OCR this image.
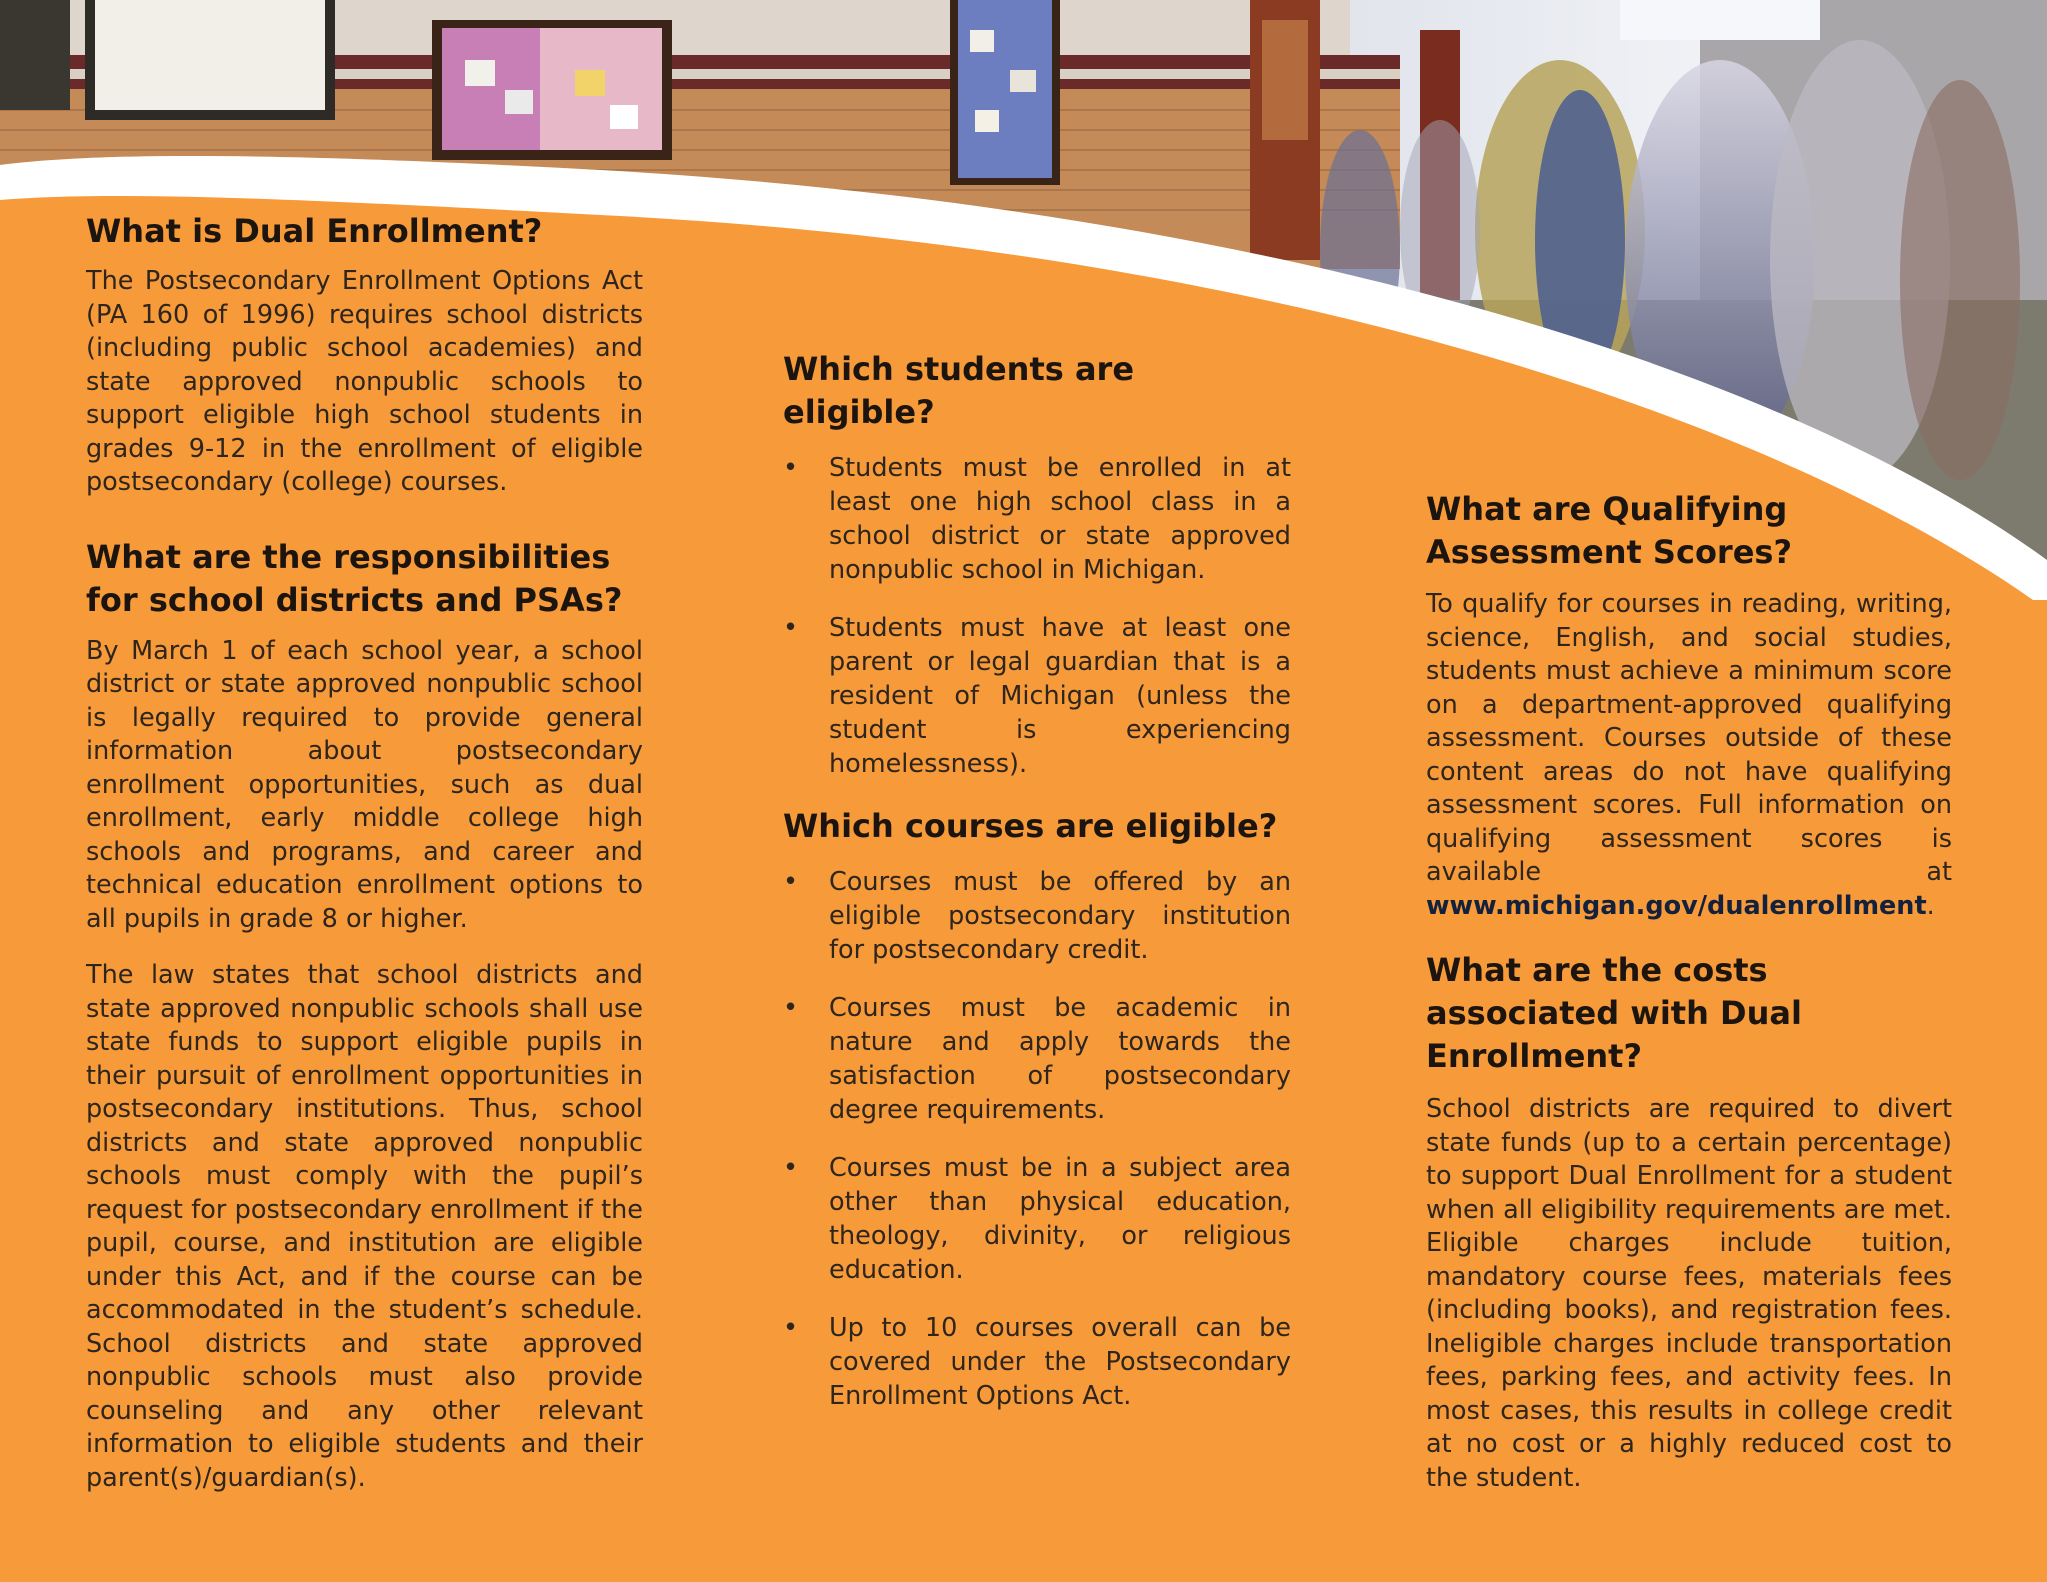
What is Dual Enrollment?

The Postsecondary Enrollment Options Act (PA 160 of 1996) requires school districts (including public school academies) and state approved nonpublic schools to support eligible high school students in grades 9-12 in the enrollment of eligible postsecondary (college) courses.

What are the responsibilities for school districts and PSAs?

By March 1 of each school year, a school district or state approved nonpublic school is legally required to provide general information about postsecondary enrollment opportunities, such as dual enrollment, early middle college high schools and programs, and career and technical education enrollment options to all pupils in grade 8 or higher.

The law states that school districts and state approved nonpublic schools shall use state funds to support eligible pupils in their pursuit of enrollment opportunities in postsecondary institutions. Thus, school districts and state approved nonpublic schools must comply with the pupil’s request for postsecondary enrollment if the pupil, course, and institution are eligible under this Act, and if the course can be accommodated in the student’s schedule. School districts and state approved nonpublic schools must also provide counseling and any other relevant information to eligible students and their parent(s)/guardian(s).

Which students are eligible?
• Students must be enrolled in at least one high school class in a school district or state approved nonpublic school in Michigan.
• Students must have at least one parent or legal guardian that is a resident of Michigan (unless the student is experiencing homelessness).
Which courses are eligible?
• Courses must be offered by an eligible postsecondary institution for postsecondary credit.
• Courses must be academic in nature and apply towards the satisfaction of postsecondary degree requirements.
• Courses must be in a subject area other than physical education, theology, divinity, or religious education.
• Up to 10 courses overall can be covered under the Postsecondary Enrollment Options Act.
What are Qualifying Assessment Scores?

To qualify for courses in reading, writing, science, English, and social studies, students must achieve a minimum score on a department-approved qualifying assessment. Courses outside of these content areas do not have qualifying assessment scores. Full information on qualifying assessment scores is available at www.michigan.gov/dualenrollment.

What are the costs associated with Dual Enrollment?

School districts are required to divert state funds (up to a certain percentage) to support Dual Enrollment for a student when all eligibility requirements are met. Eligible charges include tuition, mandatory course fees, materials fees (including books), and registration fees. Ineligible charges include transportation fees, parking fees, and activity fees. In most cases, this results in college credit at no cost or a highly reduced cost to the student.
